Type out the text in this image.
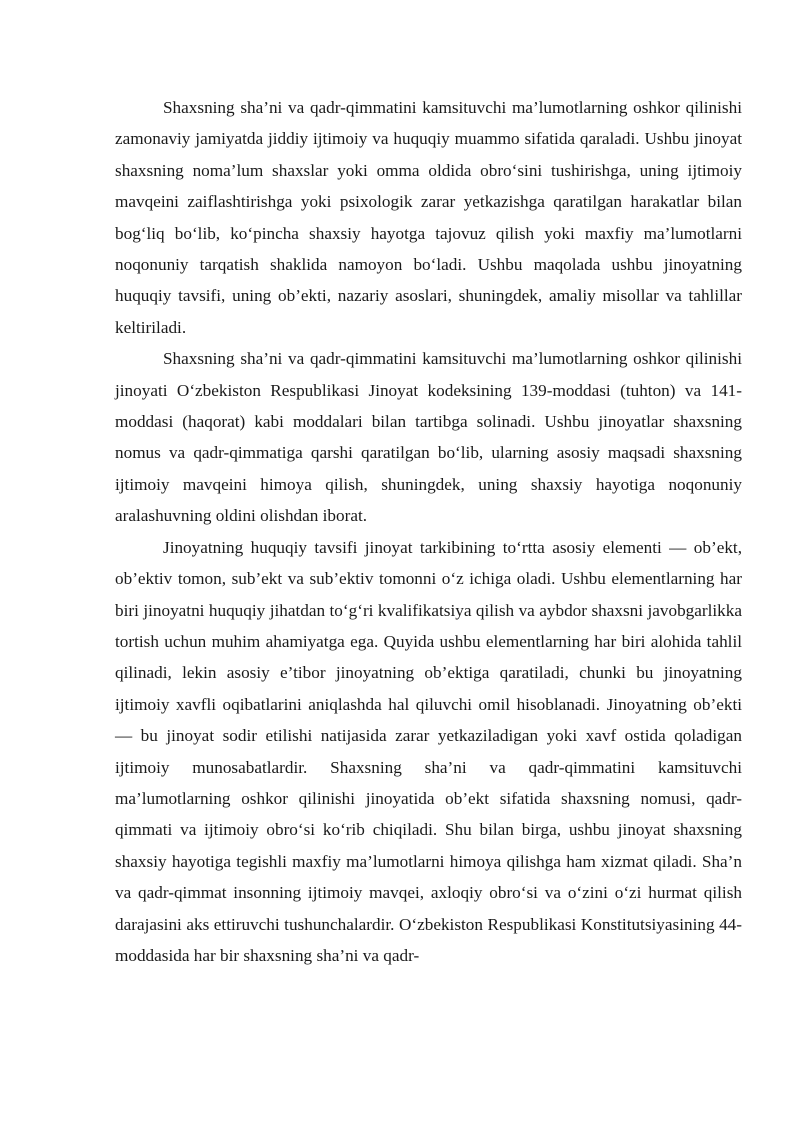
Shaxsning sha’ni va qadr-qimmatini kamsituvchi ma’lumotlarning oshkor qilinishi zamonaviy jamiyatda jiddiy ijtimoiy va huquqiy muammo sifatida qaraladi. Ushbu jinoyat shaxsning noma’lum shaxslar yoki omma oldida obro‘sini tushirishga, uning ijtimoiy mavqeini zaiflashtirishga yoki psixologik zarar yetkazishga qaratilgan harakatlar bilan bog‘liq bo‘lib, ko‘pincha shaxsiy hayotga tajovuz qilish yoki maxfiy ma’lumotlarni noqonuniy tarqatish shaklida namoyon bo‘ladi. Ushbu maqolada ushbu jinoyatning huquqiy tavsifi, uning ob’ekti, nazariy asoslari, shuningdek, amaliy misollar va tahlillar keltiriladi.

Shaxsning sha’ni va qadr-qimmatini kamsituvchi ma’lumotlarning oshkor qilinishi jinoyati O‘zbekiston Respublikasi Jinoyat kodeksining 139-moddasi (tuhton) va 141-moddasi (haqorat) kabi moddalari bilan tartibga solinadi. Ushbu jinoyatlar shaxsning nomus va qadr-qimmatiga qarshi qaratilgan bo‘lib, ularning asosiy maqsadi shaxsning ijtimoiy mavqeini himoya qilish, shuningdek, uning shaxsiy hayotiga noqonuniy aralashuvning oldini olishdan iborat.

Jinoyatning huquqiy tavsifi jinoyat tarkibining to‘rtta asosiy elementi — ob’ekt, ob’ektiv tomon, sub’ekt va sub’ektiv tomonni o‘z ichiga oladi. Ushbu elementlarning har biri jinoyatni huquqiy jihatdan to‘g‘ri kvalifikatsiya qilish va aybdor shaxsni javobgarlikka tortish uchun muhim ahamiyatga ega. Quyida ushbu elementlarning har biri alohida tahlil qilinadi, lekin asosiy e’tibor jinoyatning ob’ektiga qaratiladi, chunki bu jinoyatning ijtimoiy xavfli oqibatlarini aniqlashda hal qiluvchi omil hisoblanadi. Jinoyatning ob’ekti — bu jinoyat sodir etilishi natijasida zarar yetkaziladigan yoki xavf ostida qoladigan ijtimoiy munosabatlardir. Shaxsning sha’ni va qadr-qimmatini kamsituvchi ma’lumotlarning oshkor qilinishi jinoyatida ob’ekt sifatida shaxsning nomusi, qadr-qimmati va ijtimoiy obro‘si ko‘rib chiqiladi. Shu bilan birga, ushbu jinoyat shaxsning shaxsiy hayotiga tegishli maxfiy ma’lumotlarni himoya qilishga ham xizmat qiladi. Sha’n va qadr-qimmat insonning ijtimoiy mavqei, axloqiy obro‘si va o‘zini o‘zi hurmat qilish darajasini aks ettiruvchi tushunchalardir. O‘zbekiston Respublikasi Konstitutsiyasining 44-moddasida har bir shaxsning sha’ni va qadr-
